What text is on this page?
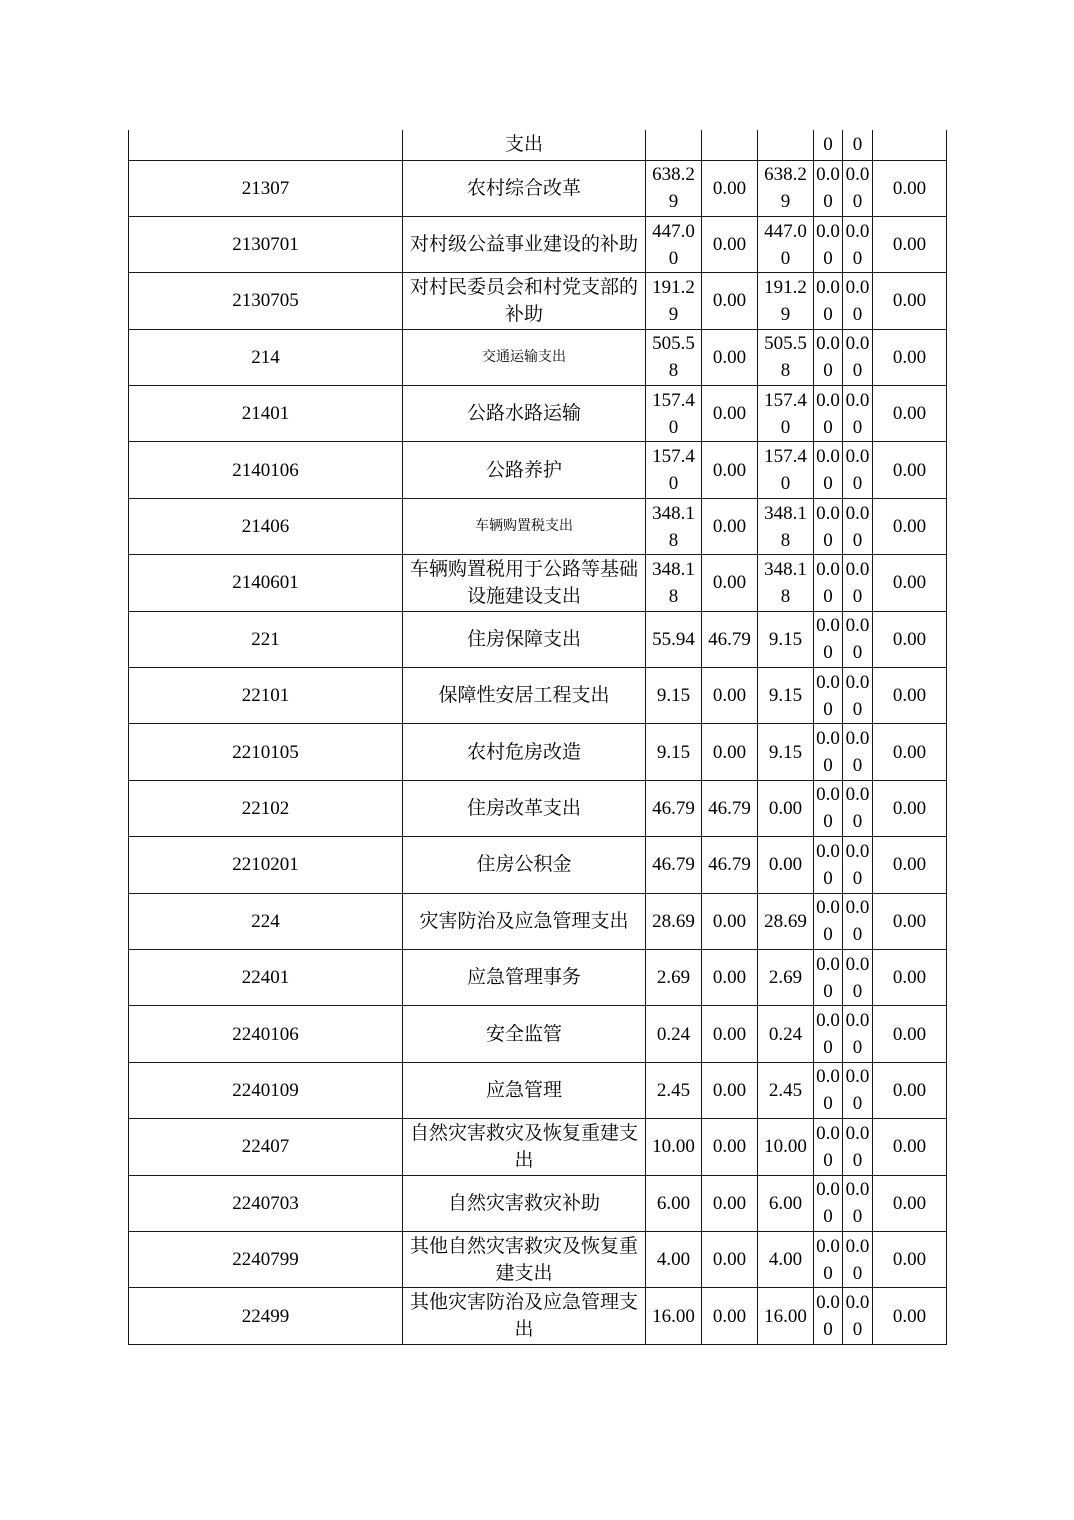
	支出				0	0	
21307	农村综合改革	638.29	0.00	638.29	0.00	0.00	0.00
2130701	对村级公益事业建设的补助	447.00	0.00	447.00	0.00	0.00	0.00
2130705	对村民委员会和村党支部的补助	191.29	0.00	191.29	0.00	0.00	0.00
214	交通运输支出	505.58	0.00	505.58	0.00	0.00	0.00
21401	公路水路运输	157.40	0.00	157.40	0.00	0.00	0.00
2140106	公路养护	157.40	0.00	157.40	0.00	0.00	0.00
21406	车辆购置税支出	348.18	0.00	348.18	0.00	0.00	0.00
2140601	车辆购置税用于公路等基础设施建设支出	348.18	0.00	348.18	0.00	0.00	0.00
221	住房保障支出	55.94	46.79	9.15	0.00	0.00	0.00
22101	保障性安居工程支出	9.15	0.00	9.15	0.00	0.00	0.00
2210105	农村危房改造	9.15	0.00	9.15	0.00	0.00	0.00
22102	住房改革支出	46.79	46.79	0.00	0.00	0.00	0.00
2210201	住房公积金	46.79	46.79	0.00	0.00	0.00	0.00
224	灾害防治及应急管理支出	28.69	0.00	28.69	0.00	0.00	0.00
22401	应急管理事务	2.69	0.00	2.69	0.00	0.00	0.00
2240106	安全监管	0.24	0.00	0.24	0.00	0.00	0.00
2240109	应急管理	2.45	0.00	2.45	0.00	0.00	0.00
22407	自然灾害救灾及恢复重建支出	10.00	0.00	10.00	0.00	0.00	0.00
2240703	自然灾害救灾补助	6.00	0.00	6.00	0.00	0.00	0.00
2240799	其他自然灾害救灾及恢复重建支出	4.00	0.00	4.00	0.00	0.00	0.00
22499	其他灾害防治及应急管理支出	16.00	0.00	16.00	0.00	0.00	0.00
